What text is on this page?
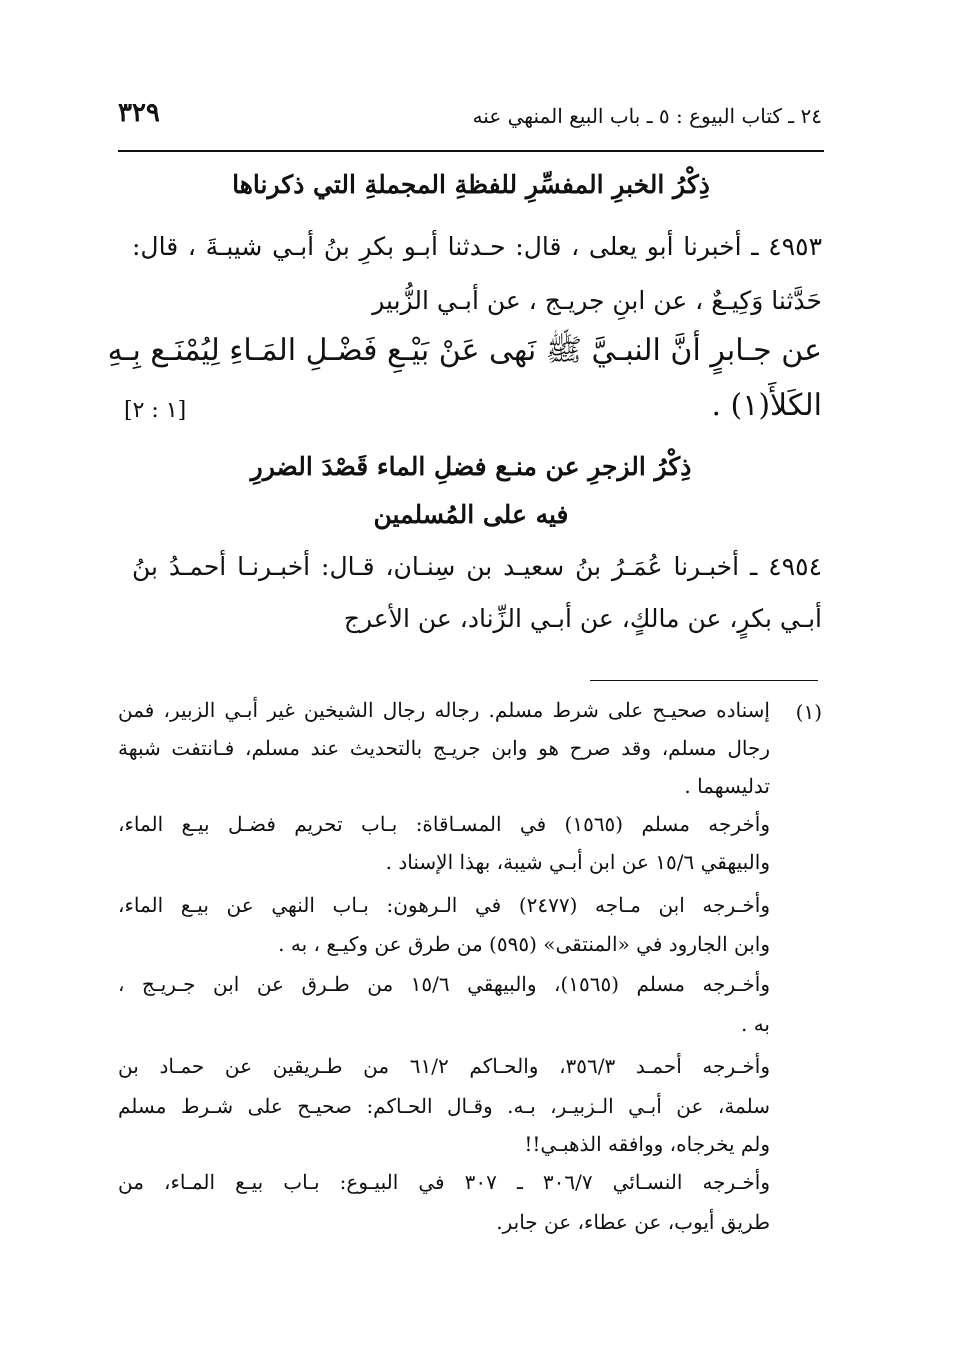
٢٤ ـ كتاب البيوع : ٥ ـ باب البيع المنهي عنه
٣٢٩
ذِكْرُ الخبرِ المفسِّرِ للفظةِ المجملةِ التي ذكرناها
٤٩٥٣ ـ أخبرنا أبو يعلى ، قال: حـدثنا أبـو بكرِ بنُ أبـي شيبـةَ ، قال:
حَدَّثنا وَكِيـعٌ ، عن ابنِ جريـج ، عن أبـي الزُّبير
عن جـابرٍ أنَّ النبـيَّ ﷺ نَهى عَنْ بَيْـعِ فَضْـلِ المَـاءِ لِيُمْنَـع بِـهِ
الكَلأَ(١) .
[١ : ٢]
ذِكْرُ الزجرِ عن منـع فضلِ الماء قَصْدَ الضررِ
فيه على المُسلمين
٤٩٥٤ ـ أخبـرنا عُمَـرُ بنُ سعيـد بن سِنـان، قـال: أخبـرنـا أحمـدُ بنُ
أبـي بكرٍ، عن مالكٍ، عن أبـي الزِّناد، عن الأعرج
(١)
إسناده صحيـح على شرط مسلم. رجاله رجال الشيخين غير أبـي الزبير، فمن
رجال مسلم، وقد صرح هو وابن جريـج بالتحديث عند مسلم، فـانتفت شبهة
تدليسهما .
وأخرجه مسلم (١٥٦٥) في المسـاقاة: بـاب تحريم فضـل بيـع الماء،
والبيهقي ١٥/٦ عن ابن أبـي شيبة، بهذا الإسناد .
وأخـرجه ابن مـاجه (٢٤٧٧) في الـرهون: بـاب النهي عن بيـع الماء،
وابن الجارود في «المنتقى» (٥٩٥) من طرق عن وكيـع ، به .
وأخـرجه مسلم (١٥٦٥)، والبيهقي ١٥/٦ من طـرق عن ابن جـريـج ،
به .
وأخـرجه أحمـد ٣٥٦/٣، والحـاكم ٦١/٢ من طـريقين عن حمـاد بن
سلمة، عن أبـي الـزبيـر، بـه. وقـال الحـاكم: صحيـح على شـرط مسلم
ولم يخرجاه، ووافقه الذهبـي!!
وأخـرجه النسـائي ٣٠٦/٧ ـ ٣٠٧ في البيـوع: بـاب بيـع المـاء، من
طريق أيوب، عن عطاء، عن جابر.
